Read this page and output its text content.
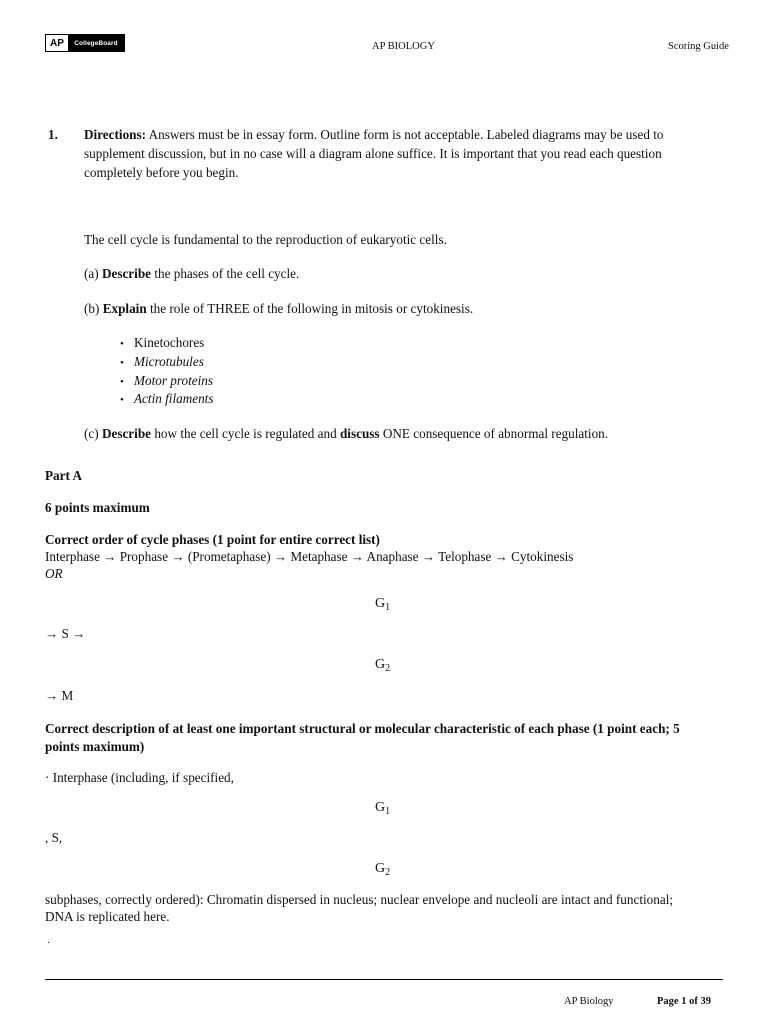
AP	CollegeBoard	AP BIOLOGY	Scoring Guide
1. Directions: Answers must be in essay form. Outline form is not acceptable. Labeled diagrams may be used to
supplement discussion, but in no case will a diagram alone suffice. It is important that you read each question
completely before you begin.
The cell cycle is fundamental to the reproduction of eukaryotic cells.
(a) Describe the phases of the cell cycle.
(b) Explain the role of THREE of the following in mitosis or cytokinesis.
• Kinetochores
• Microtubules
• Motor proteins
• Actin filaments
(c) Describe how the cell cycle is regulated and discuss ONE consequence of abnormal regulation.
Part A
6 points maximum
Correct order of cycle phases (1 point for entire correct list)
Interphase → Prophase → (Prometaphase) → Metaphase → Anaphase → Telophase → Cytokinesis
OR
$G_1$
→ S →
$G_2$
→ M
Correct description of at least one important structural or molecular characteristic of each phase (1 point each; 5
points maximum)
· Interphase (including, if specified,
$G_1$
, S,
$G_2$
subphases, correctly ordered): Chromatin dispersed in nucleus; nuclear envelope and nucleoli are intact and functional;
DNA is replicated here.
·
AP Biology	Page 1 of 39
